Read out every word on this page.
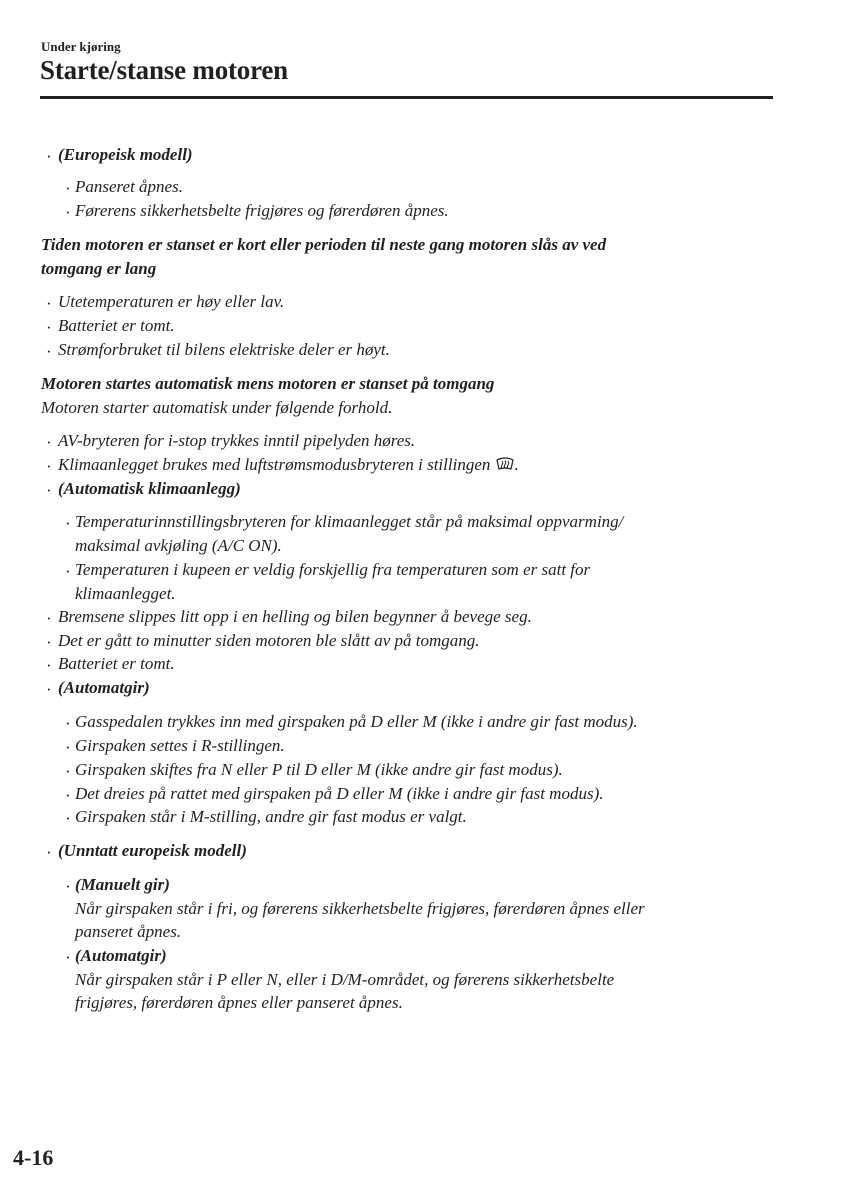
Under kjøring
Starte/stanse motoren
· (Europeisk modell)
· Panseret åpnes.
· Førerens sikkerhetsbelte frigjøres og førerdøren åpnes.
Tiden motoren er stanset er kort eller perioden til neste gang motoren slås av ved
tomgang er lang
· Utetemperaturen er høy eller lav.
· Batteriet er tomt.
· Strømforbruket til bilens elektriske deler er høyt.
Motoren startes automatisk mens motoren er stanset på tomgang
Motoren starter automatisk under følgende forhold.
· AV-bryteren for i-stop trykkes inntil pipelyden høres.
· Klimaanlegget brukes med luftstrømsmodusbryteren i stillingen .
· (Automatisk klimaanlegg)
· Temperaturinnstillingsbryteren for klimaanlegget står på maksimal oppvarming/
maksimal avkjøling (A/C ON).
· Temperaturen i kupeen er veldig forskjellig fra temperaturen som er satt for
klimaanlegget.
· Bremsene slippes litt opp i en helling og bilen begynner å bevege seg.
· Det er gått to minutter siden motoren ble slått av på tomgang.
· Batteriet er tomt.
· (Automatgir)
· Gasspedalen trykkes inn med girspaken på D eller M (ikke i andre gir fast modus).
· Girspaken settes i R-stillingen.
· Girspaken skiftes fra N eller P til D eller M (ikke andre gir fast modus).
· Det dreies på rattet med girspaken på D eller M (ikke i andre gir fast modus).
· Girspaken står i M-stilling, andre gir fast modus er valgt.
· (Unntatt europeisk modell)
· (Manuelt gir)
Når girspaken står i fri, og førerens sikkerhetsbelte frigjøres, førerdøren åpnes eller
panseret åpnes.
· (Automatgir)
Når girspaken står i P eller N, eller i D/M-området, og førerens sikkerhetsbelte
frigjøres, førerdøren åpnes eller panseret åpnes.
4-16
